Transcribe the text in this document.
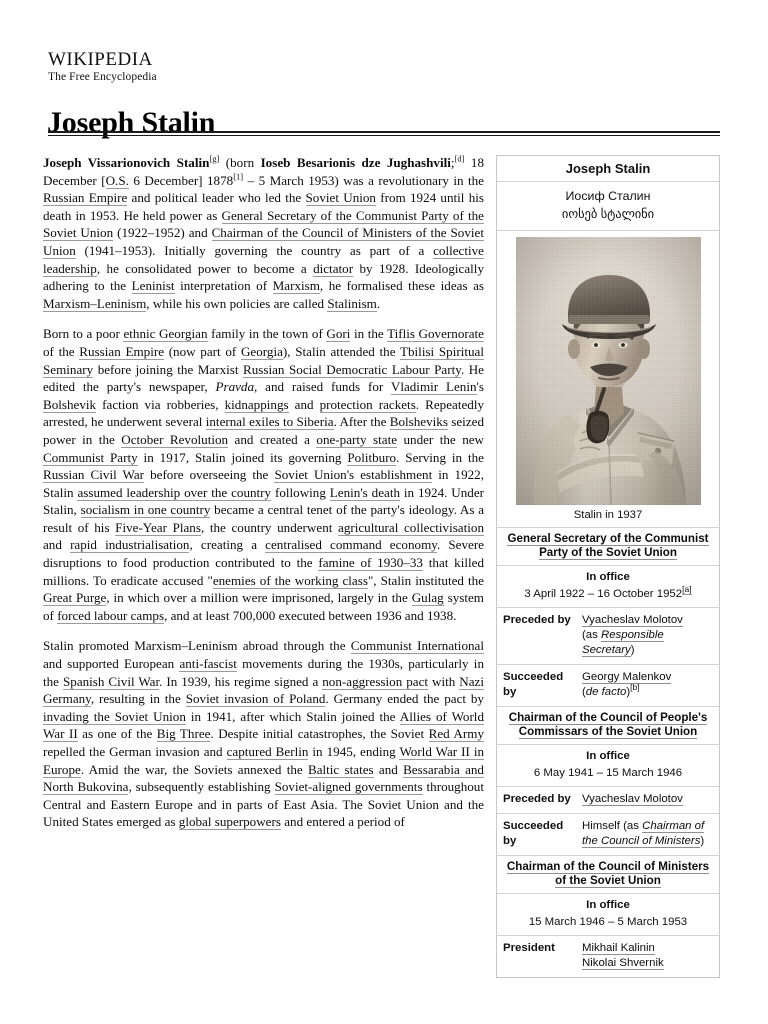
WIKIPEDIA
The Free Encyclopedia
Joseph Stalin

Joseph Vissarionovich Stalin[g] (born Ioseb Besarionis dze Jughashvili;[d] 18 December [O.S. 6 December] 1878[1] – 5 March 1953) was a revolutionary in the Russian Empire and political leader who led the Soviet Union from 1924 until his death in 1953. He held power as General Secretary of the Communist Party of the Soviet Union (1922–1952) and Chairman of the Council of Ministers of the Soviet Union (1941–1953). Initially governing the country as part of a collective leadership, he consolidated power to become a dictator by 1928. Ideologically adhering to the Leninist interpretation of Marxism, he formalised these ideas as Marxism–Leninism, while his own policies are called Stalinism.

Born to a poor ethnic Georgian family in the town of Gori in the Tiflis Governorate of the Russian Empire (now part of Georgia), Stalin attended the Tbilisi Spiritual Seminary before joining the Marxist Russian Social Democratic Labour Party. He edited the party's newspaper, Pravda, and raised funds for Vladimir Lenin's Bolshevik faction via robberies, kidnappings and protection rackets. Repeatedly arrested, he underwent several internal exiles to Siberia. After the Bolsheviks seized power in the October Revolution and created a one-party state under the new Communist Party in 1917, Stalin joined its governing Politburo. Serving in the Russian Civil War before overseeing the Soviet Union's establishment in 1922, Stalin assumed leadership over the country following Lenin's death in 1924. Under Stalin, socialism in one country became a central tenet of the party's ideology. As a result of his Five-Year Plans, the country underwent agricultural collectivisation and rapid industrialisation, creating a centralised command economy. Severe disruptions to food production contributed to the famine of 1930–33 that killed millions. To eradicate accused "enemies of the working class", Stalin instituted the Great Purge, in which over a million were imprisoned, largely in the Gulag system of forced labour camps, and at least 700,000 executed between 1936 and 1938.

Stalin promoted Marxism–Leninism abroad through the Communist International and supported European anti-fascist movements during the 1930s, particularly in the Spanish Civil War. In 1939, his regime signed a non-aggression pact with Nazi Germany, resulting in the Soviet invasion of Poland. Germany ended the pact by invading the Soviet Union in 1941, after which Stalin joined the Allies of World War II as one of the Big Three. Despite initial catastrophes, the Soviet Red Army repelled the German invasion and captured Berlin in 1945, ending World War II in Europe. Amid the war, the Soviets annexed the Baltic states and Bessarabia and North Bukovina, subsequently establishing Soviet-aligned governments throughout Central and Eastern Europe and in parts of East Asia. The Soviet Union and the United States emerged as global superpowers and entered a period of

Joseph Stalin
Иосиф Сталин
იოსებ სტალინი
Stalin in 1937
General Secretary of the Communist Party of the Soviet Union
In office
3 April 1922 – 16 October 1952[a]
Preceded by Vyacheslav Molotov
(as Responsible Secretary)
Succeeded by
Georgy Malenkov
(de facto)[b]
Chairman of the Council of People's Commissars of the Soviet Union
In office
6 May 1941 – 15 March 1946
Preceded by Vyacheslav Molotov
Succeeded by
Himself (as Chairman of the Council of Ministers)
Chairman of the Council of Ministers of the Soviet Union
In office
15 March 1946 – 5 March 1953
President	Mikhail Kalinin
Nikolai Shvernik
